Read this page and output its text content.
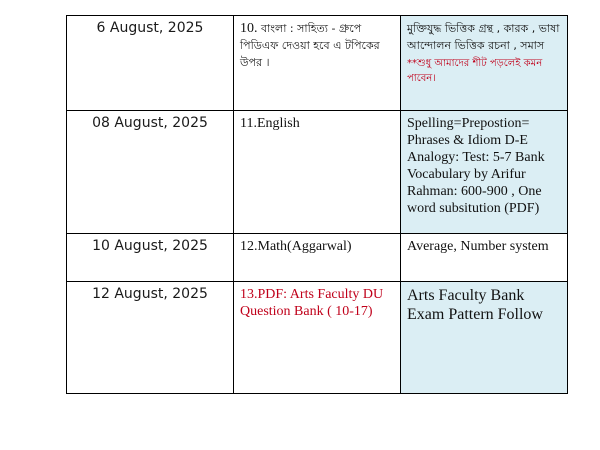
6 August, 2025	10. বাংলা : সাহিত্য - গ্রুপে পিডিএফ দেওয়া হবে এ টপিকের উপর ।	মুক্তিযুদ্ধ ভিত্তিক গ্রন্থ , কারক , ভাষা আন্দোলন ভিত্তিক রচনা , সমাস
**শুধু আমাদের শীট পড়লেই কমন পাবেন।

08 August, 2025	11.English	Spelling=Prepostion= Phrases & Idiom D-E Analogy: Test: 5-7 Bank Vocabulary by Arifur Rahman: 600-900 , One word subsitution (PDF)
10 August, 2025	12.Math(Aggarwal)	Average, Number system
12 August, 2025	13.PDF: Arts Faculty DU Question Bank ( 10-17)	Arts Faculty Bank Exam Pattern Follow
